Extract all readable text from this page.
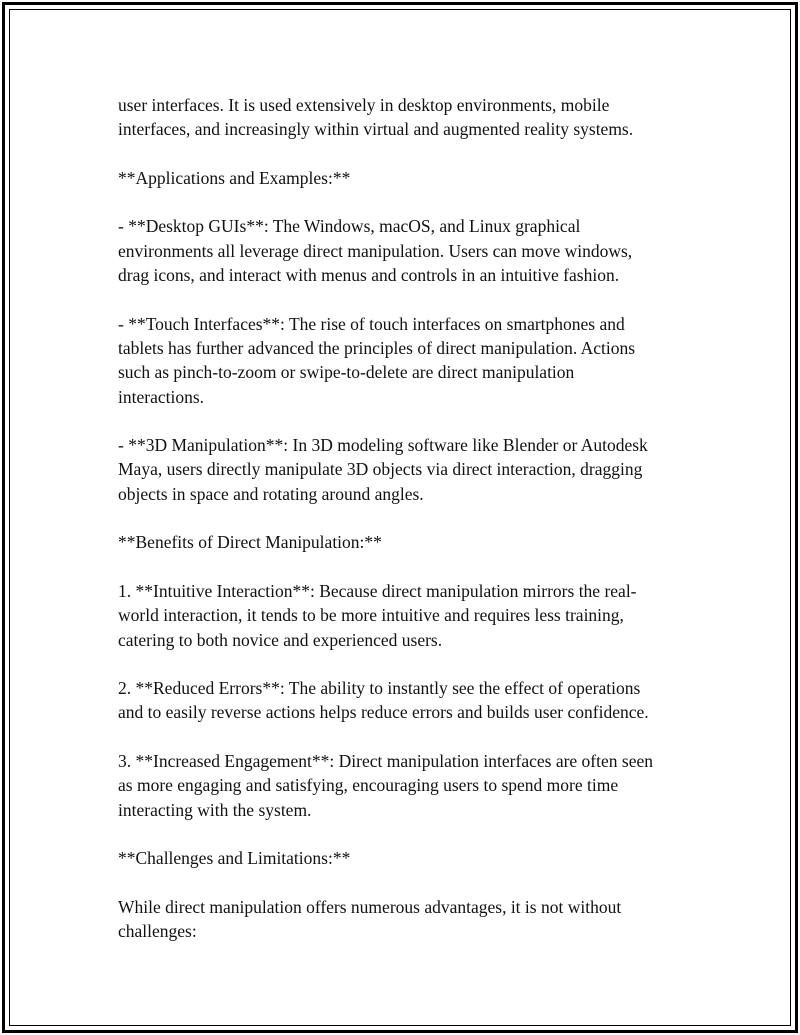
user interfaces. It is used extensively in desktop environments, mobile
interfaces, and increasingly within virtual and augmented reality systems.

**Applications and Examples:**

- **Desktop GUIs**: The Windows, macOS, and Linux graphical
environments all leverage direct manipulation. Users can move windows,
drag icons, and interact with menus and controls in an intuitive fashion.

- **Touch Interfaces**: The rise of touch interfaces on smartphones and
tablets has further advanced the principles of direct manipulation. Actions
such as pinch-to-zoom or swipe-to-delete are direct manipulation
interactions.

- **3D Manipulation**: In 3D modeling software like Blender or Autodesk
Maya, users directly manipulate 3D objects via direct interaction, dragging
objects in space and rotating around angles.

**Benefits of Direct Manipulation:**

1. **Intuitive Interaction**: Because direct manipulation mirrors the real-
world interaction, it tends to be more intuitive and requires less training,
catering to both novice and experienced users.

2. **Reduced Errors**: The ability to instantly see the effect of operations
and to easily reverse actions helps reduce errors and builds user confidence.

3. **Increased Engagement**: Direct manipulation interfaces are often seen
as more engaging and satisfying, encouraging users to spend more time
interacting with the system.

**Challenges and Limitations:**

While direct manipulation offers numerous advantages, it is not without
challenges:
